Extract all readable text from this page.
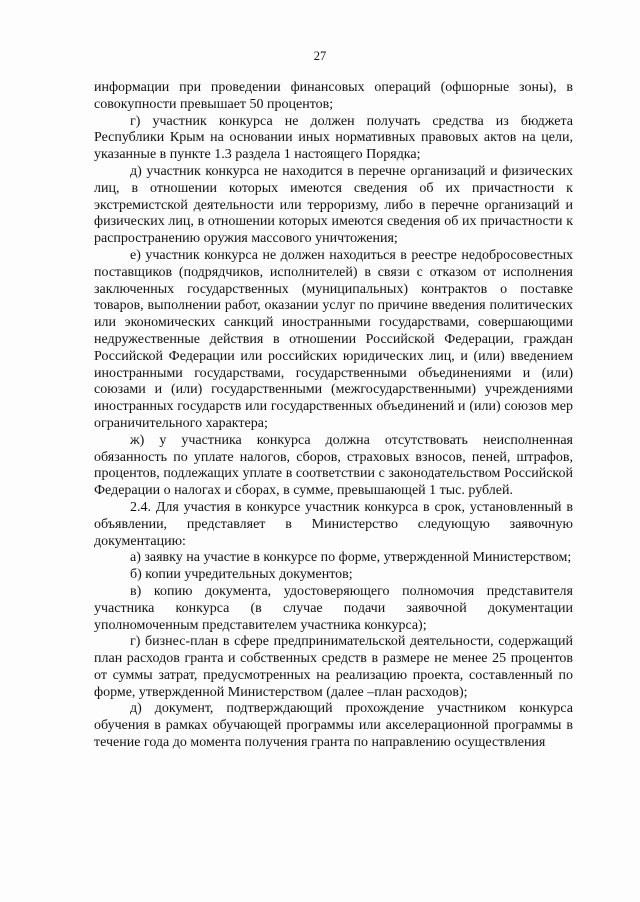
27

информации при проведении финансовых операций (офшорные зоны), в совокупности превышает 50 процентов;

г) участник конкурса не должен получать средства из бюджета Республики Крым на основании иных нормативных правовых актов на цели, указанные в пункте 1.3 раздела 1 настоящего Порядка;

д) участник конкурса не находится в перечне организаций и физических лиц, в отношении которых имеются сведения об их причастности к экстремистской деятельности или терроризму, либо в перечне организаций и физических лиц, в отношении которых имеются сведения об их причастности к распространению оружия массового уничтожения;

е) участник конкурса не должен находиться в реестре недобросовестных поставщиков (подрядчиков, исполнителей) в связи с отказом от исполнения заключенных государственных (муниципальных) контрактов о поставке товаров, выполнении работ, оказании услуг по причине введения политических или экономических санкций иностранными государствами, совершающими недружественные действия в отношении Российской Федерации, граждан Российской Федерации или российских юридических лиц, и (или) введением иностранными государствами, государственными объединениями и (или) союзами и (или) государственными (межгосударственными) учреждениями иностранных государств или государственных объединений и (или) союзов мер ограничительного характера;

ж) у участника конкурса должна отсутствовать неисполненная обязанность по уплате налогов, сборов, страховых взносов, пеней, штрафов, процентов, подлежащих уплате в соответствии с законодательством Российской Федерации о налогах и сборах, в сумме, превышающей 1 тыс. рублей.

2.4. Для участия в конкурсе участник конкурса в срок, установленный в объявлении, представляет в Министерство следующую заявочную документацию:

а) заявку на участие в конкурсе по форме, утвержденной Министерством;

б) копии учредительных документов;

в) копию документа, удостоверяющего полномочия представителя участника конкурса (в случае подачи заявочной документации уполномоченным представителем участника конкурса);

г) бизнес-план в сфере предпринимательской деятельности, содержащий план расходов гранта и собственных средств в размере не менее 25 процентов от суммы затрат, предусмотренных на реализацию проекта, составленный по форме, утвержденной Министерством (далее –план расходов);

д) документ, подтверждающий прохождение участником конкурса обучения в рамках обучающей программы или акселерационной программы в течение года до момента получения гранта по направлению осуществления
